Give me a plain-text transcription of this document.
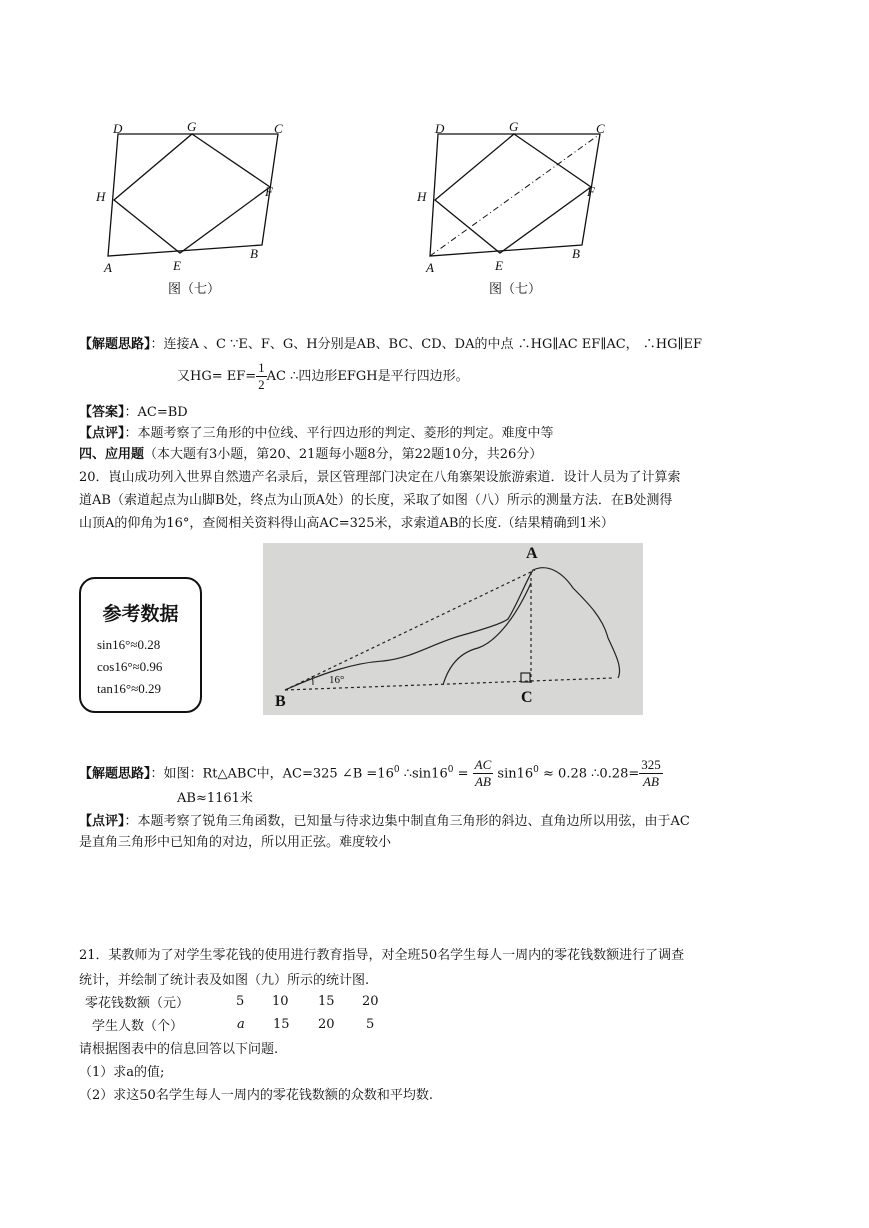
D	G	C
H	F
A	E
B
图（七）
D	G	C
H	F
A	E
B
图（七）
【解题思路】：连接A 、C ∵E、F、G、H分别是AB、BC、CD、DA的中点 ∴HG∥AC EF∥AC， ∴HG∥EF
又$HG= EF= \frac{1}{2}$ AC ∴四边形EFGH是平行四边形。
【答案】：AC=BD
【点评】：本题考察了三角形的中位线、平行四边形的判定、菱形的判定。难度中等
四、应用题（本大题有3小题，第20、21题每小题8分，第22题10分，共26分）
20．崀山成功列入世界自然遗产名录后，景区管理部门决定在八角寨架设旅游索道．设计人员为了计算索
道AB（索道起点为山脚B处，终点为山顶A处）的长度，采取了如图（八）所示的测量方法．在B处测得
山顶A的仰角为16°，查阅相关资料得山高AC=325米，求索道AB的长度.（结果精确到1米）
参考数据
sin16°≈0.28
cos16°≈0.96
tan16°≈0.29
A
B	C
16°
【解题思路】：如图：Rt△ABC中，AC=325 ∠B $=16^0$ $\therefore\sin 16^0 = \frac{AC}{AB} \sin 16^0 \approx 0.28$ ∴0.28= $\frac{325}{AB}$
AB≈1161米
【点评】：本题考察了锐角三角函数，已知量与待求边集中制直角三角形的斜边、直角边所以用弦，由于AC
是直角三角形中已知角的对边，所以用正弦。难度较小
21．某教师为了对学生零花钱的使用进行教育指导，对全班50名学生每人一周内的零花钱数额进行了调查
统计，并绘制了统计表及如图（九）所示的统计图.
零花钱数额（元）	5 10 15 20
学生人数（个）	a 15 20 5
请根据图表中的信息回答以下问题.
（1）求a的值;
（2）求这50名学生每人一周内的零花钱数额的众数和平均数.
